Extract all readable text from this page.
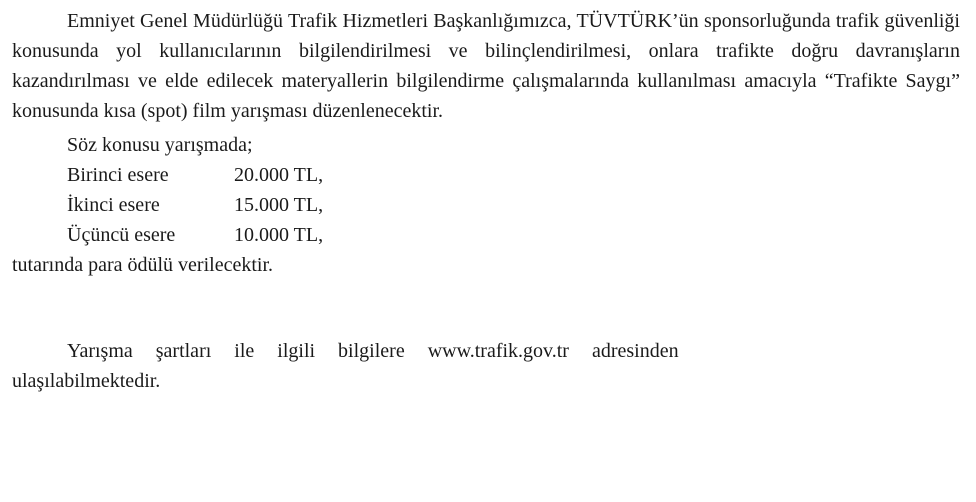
Emniyet Genel Müdürlüğü Trafik Hizmetleri Başkanlığımızca, TÜVTÜRK’ün sponsorluğunda trafik güvenliği konusunda yol kullanıcılarının bilgilendirilmesi ve bilinçlendirilmesi, onlara trafikte doğru davranışların kazandırılması ve elde edilecek materyallerin bilgilendirme çalışmalarında kullanılması amacıyla “Trafikte Saygı” konusunda kısa (spot) film yarışması düzenlenecektir.

Söz konusu yarışmada;
Birinci esere	20.000 TL,
İkinci esere	15.000 TL,
Üçüncü esere	10.000 TL,

tutarında para ödülü verilecektir.

Yarışma şartları ile ilgili bilgilere www.trafik.gov.tr adresinden

ulaşılabilmektedir.
